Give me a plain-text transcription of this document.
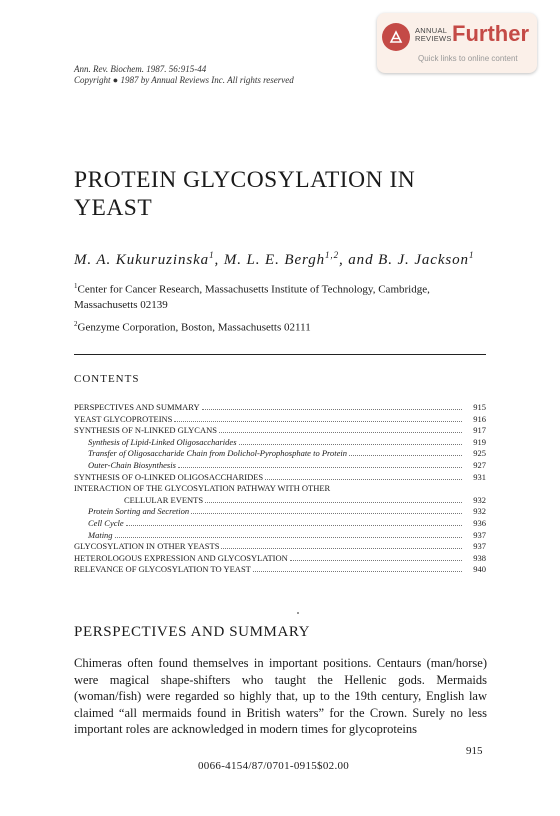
ANNUAL
REVIEWS Further
Quick links to online content
Ann. Rev. Biochem. 1987. 56:915-44
Copyright ● 1987 by Annual Reviews Inc. All rights reserved
PROTEIN GLYCOSYLATION IN YEAST
M. A. Kukuruzinska$^1$, M. L. E. Bergh$^{1,2}$, and B. J. Jackson$^1$
$^1$Center for Cancer Research, Massachusetts Institute of Technology, Cambridge, Massachusetts 02139
$^2$Genzyme Corporation, Boston, Massachusetts 02111
CONTENTS
PERSPECTIVES AND SUMMARY	915
YEAST GLYCOPROTEINS	916
SYNTHESIS OF N-LINKED GLYCANS	917
Synthesis of Lipid-Linked Oligosaccharides	919
Transfer of Oligosaccharide Chain from Dolichol-Pyrophosphate to Protein	925
Outer-Chain Biosynthesis	927
SYNTHESIS OF O-LINKED OLIGOSACCHARIDES	931
INTERACTION OF THE GLYCOSYLATION PATHWAY WITH OTHER
CELLULAR EVENTS	932
Protein Sorting and Secretion	932
Cell Cycle	936
Mating	937
GLYCOSYLATION IN OTHER YEASTS	937
HETEROLOGOUS EXPRESSION AND GLYCOSYLATION	938
RELEVANCE OF GLYCOSYLATION TO YEAST	940
PERSPECTIVES AND SUMMARY
Chimeras often found themselves in important positions. Centaurs (man/horse) were magical shape-shifters who taught the Hellenic gods. Mermaids (woman/fish) were regarded so highly that, up to the 19th century, English law claimed “all mermaids found in British waters” for the Crown. Surely no less important roles are acknowledged in modern times for glycoproteins
915
0066-4154/87/0701-0915$02.00
